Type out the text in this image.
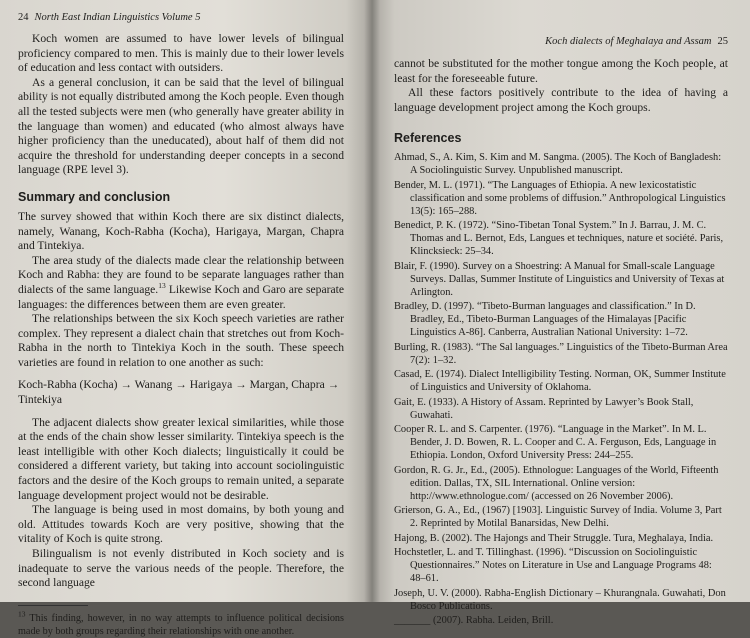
24 North East Indian Linguistics Volume 5

Koch women are assumed to have lower levels of bilingual proficiency compared to men. This is mainly due to their lower levels of education and less contact with outsiders.

As a general conclusion, it can be said that the level of bilingual ability is not equally distributed among the Koch people. Even though all the tested subjects were men (who generally have greater ability in the language than women) and educated (who almost always have higher proficiency than the uneducated), about half of them did not acquire the threshold for understanding deeper concepts in a second language (RPE level 3).

Summary and conclusion

The survey showed that within Koch there are six distinct dialects, namely, Wanang, Koch-Rabha (Kocha), Harigaya, Margan, Chapra and Tintekiya.

The area study of the dialects made clear the relationship between Koch and Rabha: they are found to be separate languages rather than dialects of the same language.$^{13}$ Likewise Koch and Garo are separate languages: the differences between them are even greater.

The relationships between the six Koch speech varieties are rather complex. They represent a dialect chain that stretches out from Koch-Rabha in the north to Tintekiya Koch in the south. These speech varieties are found in relation to one another as such:

Koch-Rabha (Kocha) → Wanang → Harigaya → Margan, Chapra → Tintekiya

The adjacent dialects show greater lexical similarities, while those at the ends of the chain show lesser similarity. Tintekiya speech is the least intelligible with other Koch dialects; linguistically it could be considered a different variety, but taking into account sociolinguistic factors and the desire of the Koch groups to remain united, a separate language development project would not be desirable.

The language is being used in most domains, by both young and old. Attitudes towards Koch are very positive, showing that the vitality of Koch is quite strong.

Bilingualism is not evenly distributed in Koch society and is inadequate to serve the various needs of the people. Therefore, the second language

$^{13}$ This finding, however, in no way attempts to influence political decisions made by both groups regarding their relationships with one another.
Koch dialects of Meghalaya and Assam 25

cannot be substituted for the mother tongue among the Koch people, at least for the foreseeable future.

All these factors positively contribute to the idea of having a language development project among the Koch groups.

References
Ahmad, S., A. Kim, S. Kim and M. Sangma. (2005). The Koch of Bangladesh: A Sociolinguistic Survey. Unpublished manuscript.
Bender, M. L. (1971). “The Languages of Ethiopia. A new lexicostatistic classification and some problems of diffusion.” Anthropological Linguistics 13(5): 165–288.
Benedict, P. K. (1972). “Sino-Tibetan Tonal System.” In J. Barrau, J. M. C. Thomas and L. Bernot, Eds, Langues et techniques, nature et société. Paris, Klincksieck: 25–34.
Blair, F. (1990). Survey on a Shoestring: A Manual for Small-scale Language Surveys. Dallas, Summer Institute of Linguistics and University of Texas at Arlington.
Bradley, D. (1997). “Tibeto-Burman languages and classification.” In D. Bradley, Ed., Tibeto-Burman Languages of the Himalayas [Pacific Linguistics A-86]. Canberra, Australian National University: 1–72.
Burling, R. (1983). “The Sal languages.” Linguistics of the Tibeto-Burman Area 7(2): 1–32.
Casad, E. (1974). Dialect Intelligibility Testing. Norman, OK, Summer Institute of Linguistics and University of Oklahoma.
Gait, E. (1933). A History of Assam. Reprinted by Lawyer’s Book Stall, Guwahati.
Cooper R. L. and S. Carpenter. (1976). “Language in the Market”. In M. L. Bender, J. D. Bowen, R. L. Cooper and C. A. Ferguson, Eds, Language in Ethiopia. London, Oxford University Press: 244–255.
Gordon, R. G. Jr., Ed., (2005). Ethnologue: Languages of the World, Fifteenth edition. Dallas, TX, SIL International. Online version: http://www.ethnologue.com/ (accessed on 26 November 2006).
Grierson, G. A., Ed., (1967) [1903]. Linguistic Survey of India. Volume 3, Part 2. Reprinted by Motilal Banarsidas, New Delhi.
Hajong, B. (2002). The Hajongs and Their Struggle. Tura, Meghalaya, India.
Hochstetler, L. and T. Tillinghast. (1996). “Discussion on Sociolinguistic Questionnaires.” Notes on Literature in Use and Language Programs 48: 48–61.
Joseph, U. V. (2000). Rabha-English Dictionary – Khurangnala. Guwahati, Don Bosco Publications.
_______ (2007). Rabha. Leiden, Brill.
